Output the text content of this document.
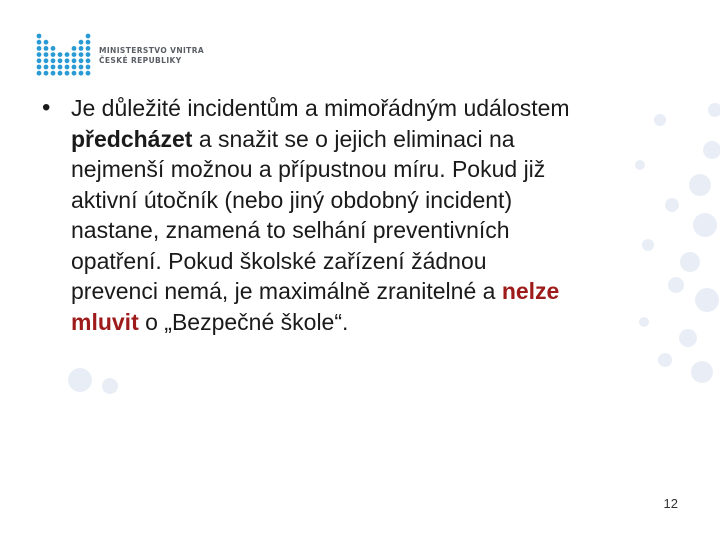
MINISTERSTVO VNITRA
ČESKÉ REPUBLIKY
• Je důležité incidentům a mimořádným událostem
předcházet a snažit se o jejich eliminaci na
nejmenší možnou a přípustnou míru. Pokud již
aktivní útočník (nebo jiný obdobný incident)
nastane, znamená to selhání preventivních
opatření. Pokud školské zařízení žádnou
prevenci nemá, je maximálně zranitelné a nelze
mluvit o „Bezpečné škole“.
12
